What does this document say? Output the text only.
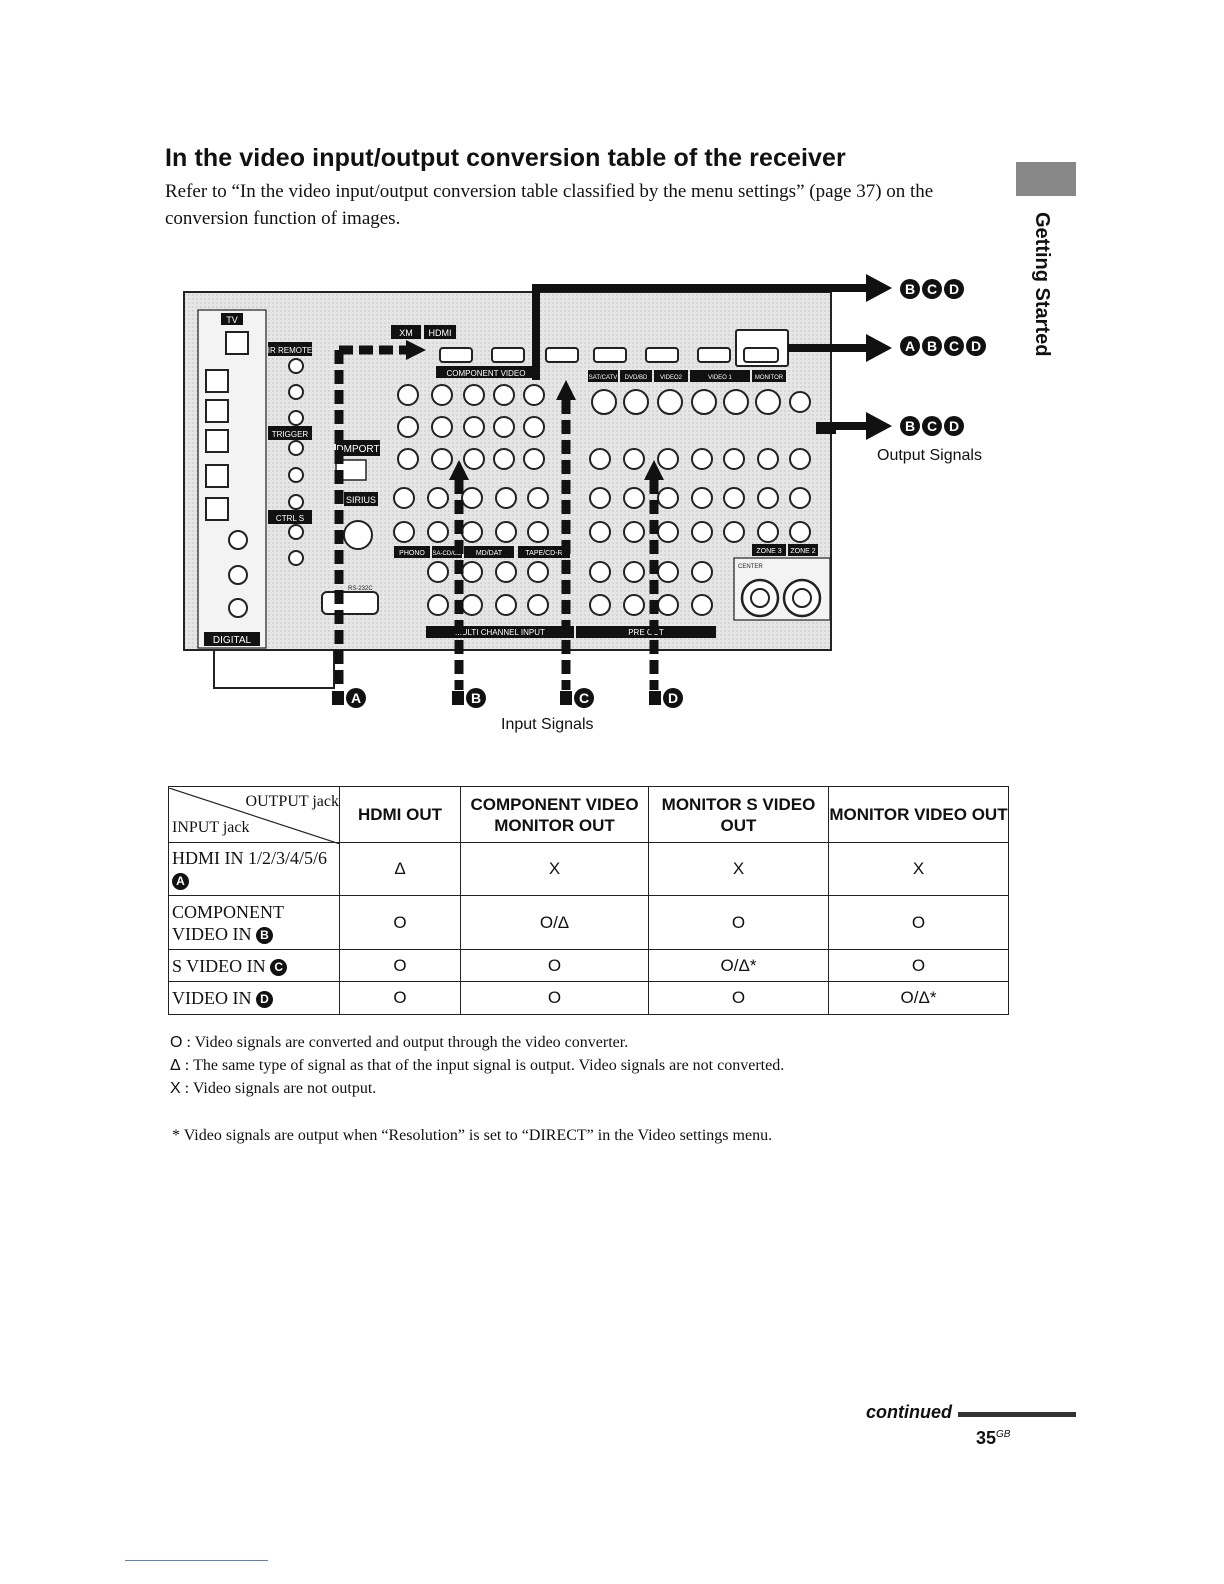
In the video input/output conversion table of the receiver

Refer to “In the video input/output conversion table classified by the menu settings” (page 37) on the conversion function of images.	Getting Started
DIGITAL
TV
IR REMOTE
TRIGGER
CTRL S
DMPORT
SIRIUS
RS-232C
XM HDMI
COMPONENT VIDEO
PHONO SA-CD/CD MD/DAT	TAPE/CD-R
MULTI CHANNEL INPUT	PRE OUT
SAT/CATV DVD/BD VIDEO2	VIDEO 1	MONITOR
ZONE 3 ZONE 2
CENTER
B C D
A B C D
B C D
Output Signals
A	B	C	D
Input Signals
OUTPUT jack
INPUT jack	HDMI OUT	COMPONENT VIDEO MONITOR OUT	MONITOR S VIDEO OUT	MONITOR VIDEO OUT
HDMI IN 1/2/3/4/5/6
A	Δ	X	X	X
COMPONENT
VIDEO IN B	O	O/Δ	O	O
S VIDEO IN C	O	O	O/Δ*	O
VIDEO IN D	O	O	O	O/Δ*
O : Video signals are converted and output through the video converter.
Δ : The same type of signal as that of the input signal is output. Video signals are not converted.
X : Video signals are not output.

* Video signals are output when “Resolution” is set to “DIRECT” in the Video settings menu.

continued
$35^{GB}$
